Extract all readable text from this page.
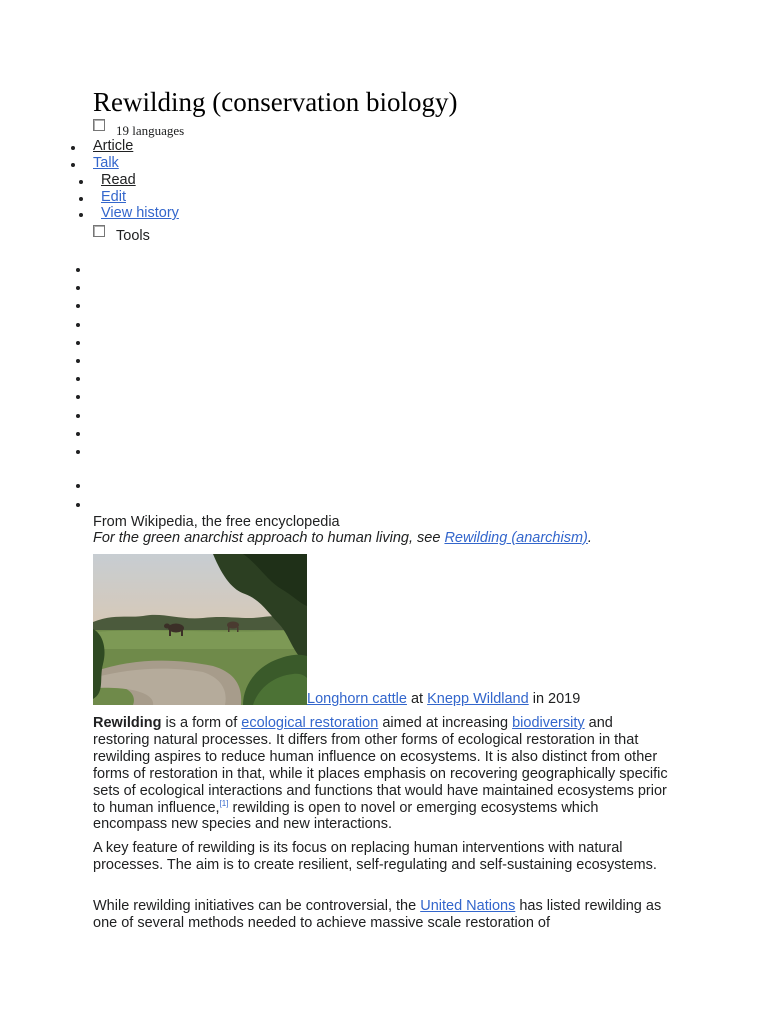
Rewilding (conservation biology)
19 languages
Article
Talk
Read
Edit
View history
Tools
From Wikipedia, the free encyclopedia
For the green anarchist approach to human living, see Rewilding (anarchism).
Longhorn cattle at Knepp Wildland in 2019
Rewilding is a form of ecological restoration aimed at increasing biodiversity and restoring natural processes. It differs from other forms of ecological restoration in that rewilding aspires to reduce human influence on ecosystems. It is also distinct from other forms of restoration in that, while it places emphasis on recovering geographically specific sets of ecological interactions and functions that would have maintained ecosystems prior to human influence,[1] rewilding is open to novel or emerging ecosystems which encompass new species and new interactions.
A key feature of rewilding is its focus on replacing human interventions with natural processes. The aim is to create resilient, self-regulating and self-sustaining ecosystems.
While rewilding initiatives can be controversial, the United Nations has listed rewilding as one of several methods needed to achieve massive scale restoration of
